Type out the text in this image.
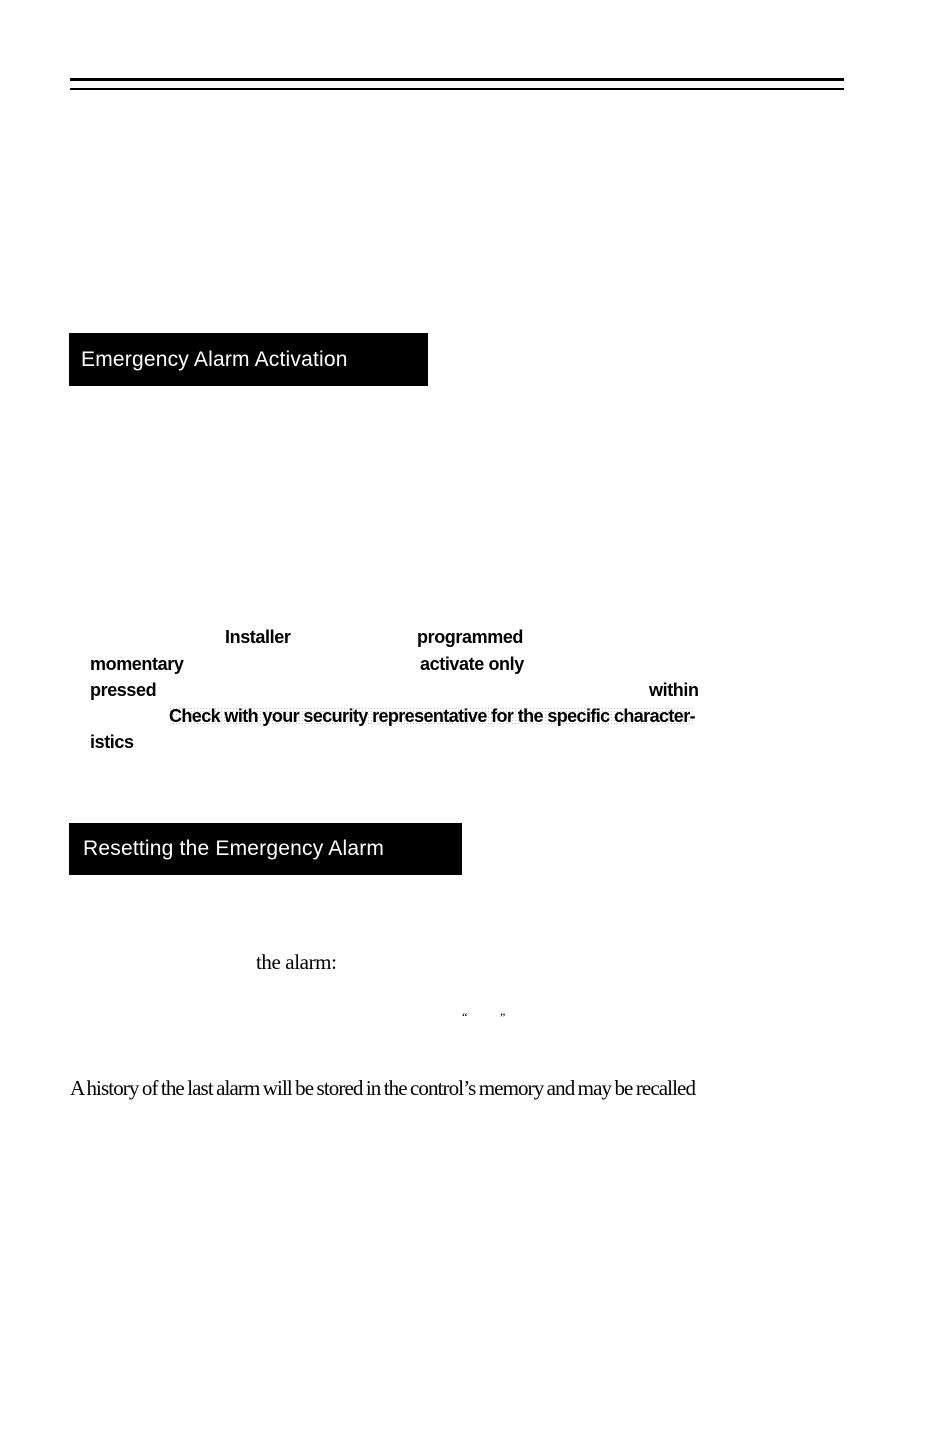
Emergency Alarm Activation
Installer	programmed
momentary	activate only
pressed	within
Check with your security representative for the specific character-
istics
Resetting the Emergency Alarm
the alarm:
“	”
A history of the last alarm will be stored in the control’s memory and may be recalled
